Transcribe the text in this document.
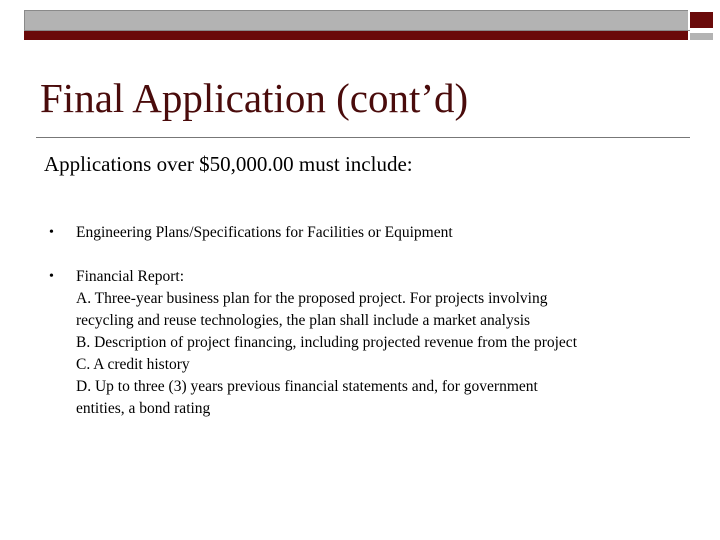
Final Application (cont’d)

Applications over $50,000.00 must include:

• Engineering Plans/Specifications for Facilities or Equipment
• Financial Report:
A. Three-year business plan for the proposed project. For projects involving
recycling and reuse technologies, the plan shall include a market analysis
B. Description of project financing, including projected revenue from the project
C. A credit history
D. Up to three (3) years previous financial statements and, for government
entities, a bond rating
